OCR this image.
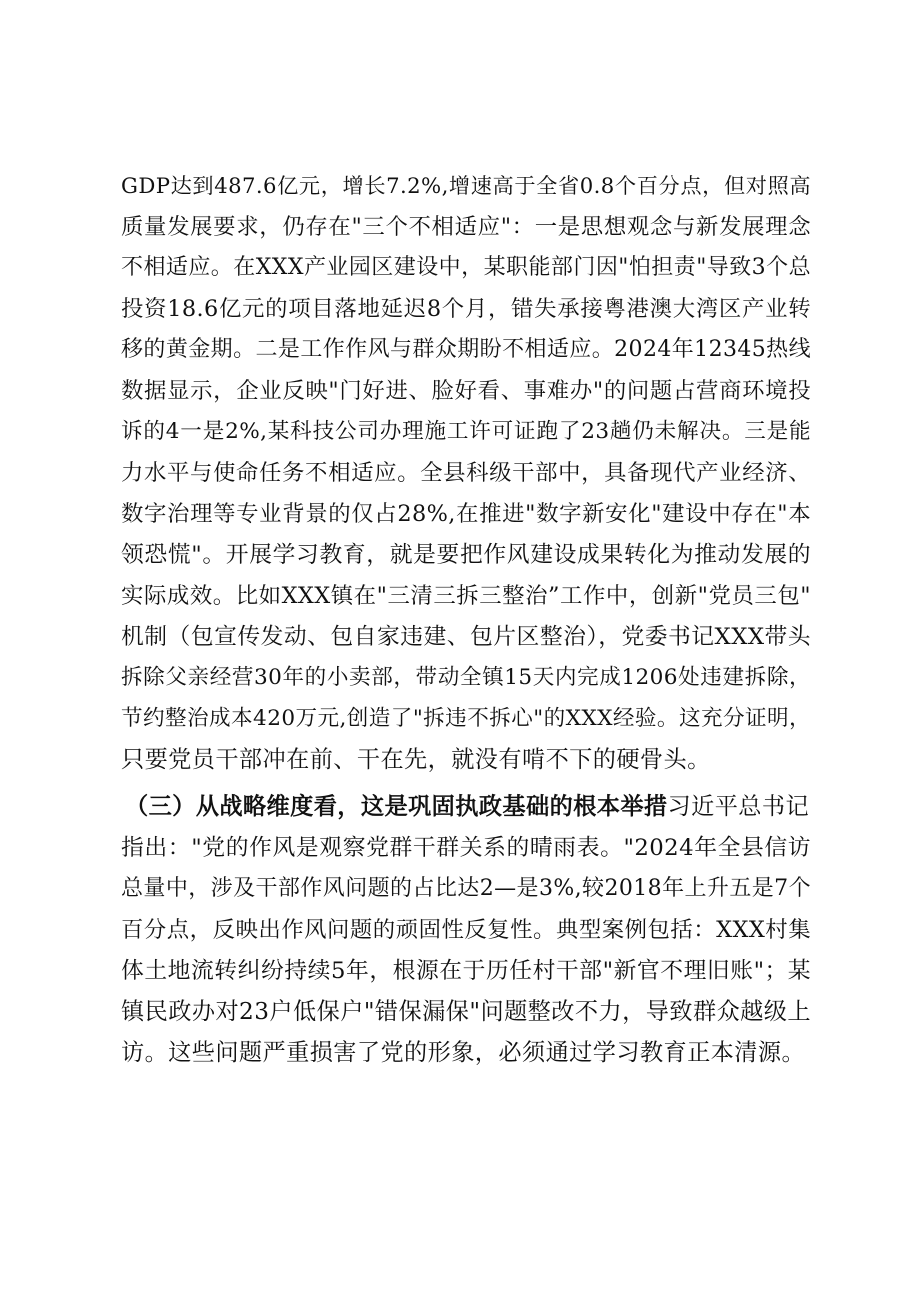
GDP达到487.6亿元，增长7.2%,增速高于全省0.8个百分点，但对照高
质量发展要求，仍存在"三个不相适应"：一是思想观念与新发展理念
不相适应。在XXX产业园区建设中，某职能部门因"怕担责"导致3个总
投资18.6亿元的项目落地延迟8个月，错失承接粤港澳大湾区产业转
移的黄金期。二是工作作风与群众期盼不相适应。2024年12345热线
数据显示，企业反映"门好进、脸好看、事难办"的问题占营商环境投
诉的4一是2%,某科技公司办理施工许可证跑了23趟仍未解决。三是能
力水平与使命任务不相适应。全县科级干部中，具备现代产业经济、
数字治理等专业背景的仅占28%,在推进"数字新安化"建设中存在"本
领恐慌"。开展学习教育，就是要把作风建设成果转化为推动发展的
实际成效。比如XXX镇在"三清三拆三整治”工作中，创新"党员三包"
机制（包宣传发动、包自家违建、包片区整治），党委书记XXX带头
拆除父亲经营30年的小卖部，带动全镇15天内完成1206处违建拆除，
节约整治成本420万元,创造了"拆违不拆心"的XXX经验。这充分证明，
只要党员干部冲在前、干在先，就没有啃不下的硬骨头。
（三）从战略维度看，这是巩固执政基础的根本举措习近平总书记
指出："党的作风是观察党群干群关系的晴雨表。"2024年全县信访
总量中，涉及干部作风问题的占比达2—是3%,较2018年上升五是7个
百分点，反映出作风问题的顽固性反复性。典型案例包括：XXX村集
体土地流转纠纷持续5年，根源在于历任村干部"新官不理旧账"；某
镇民政办对23户低保户"错保漏保"问题整改不力，导致群众越级上
访。这些问题严重损害了党的形象，必须通过学习教育正本清源。
